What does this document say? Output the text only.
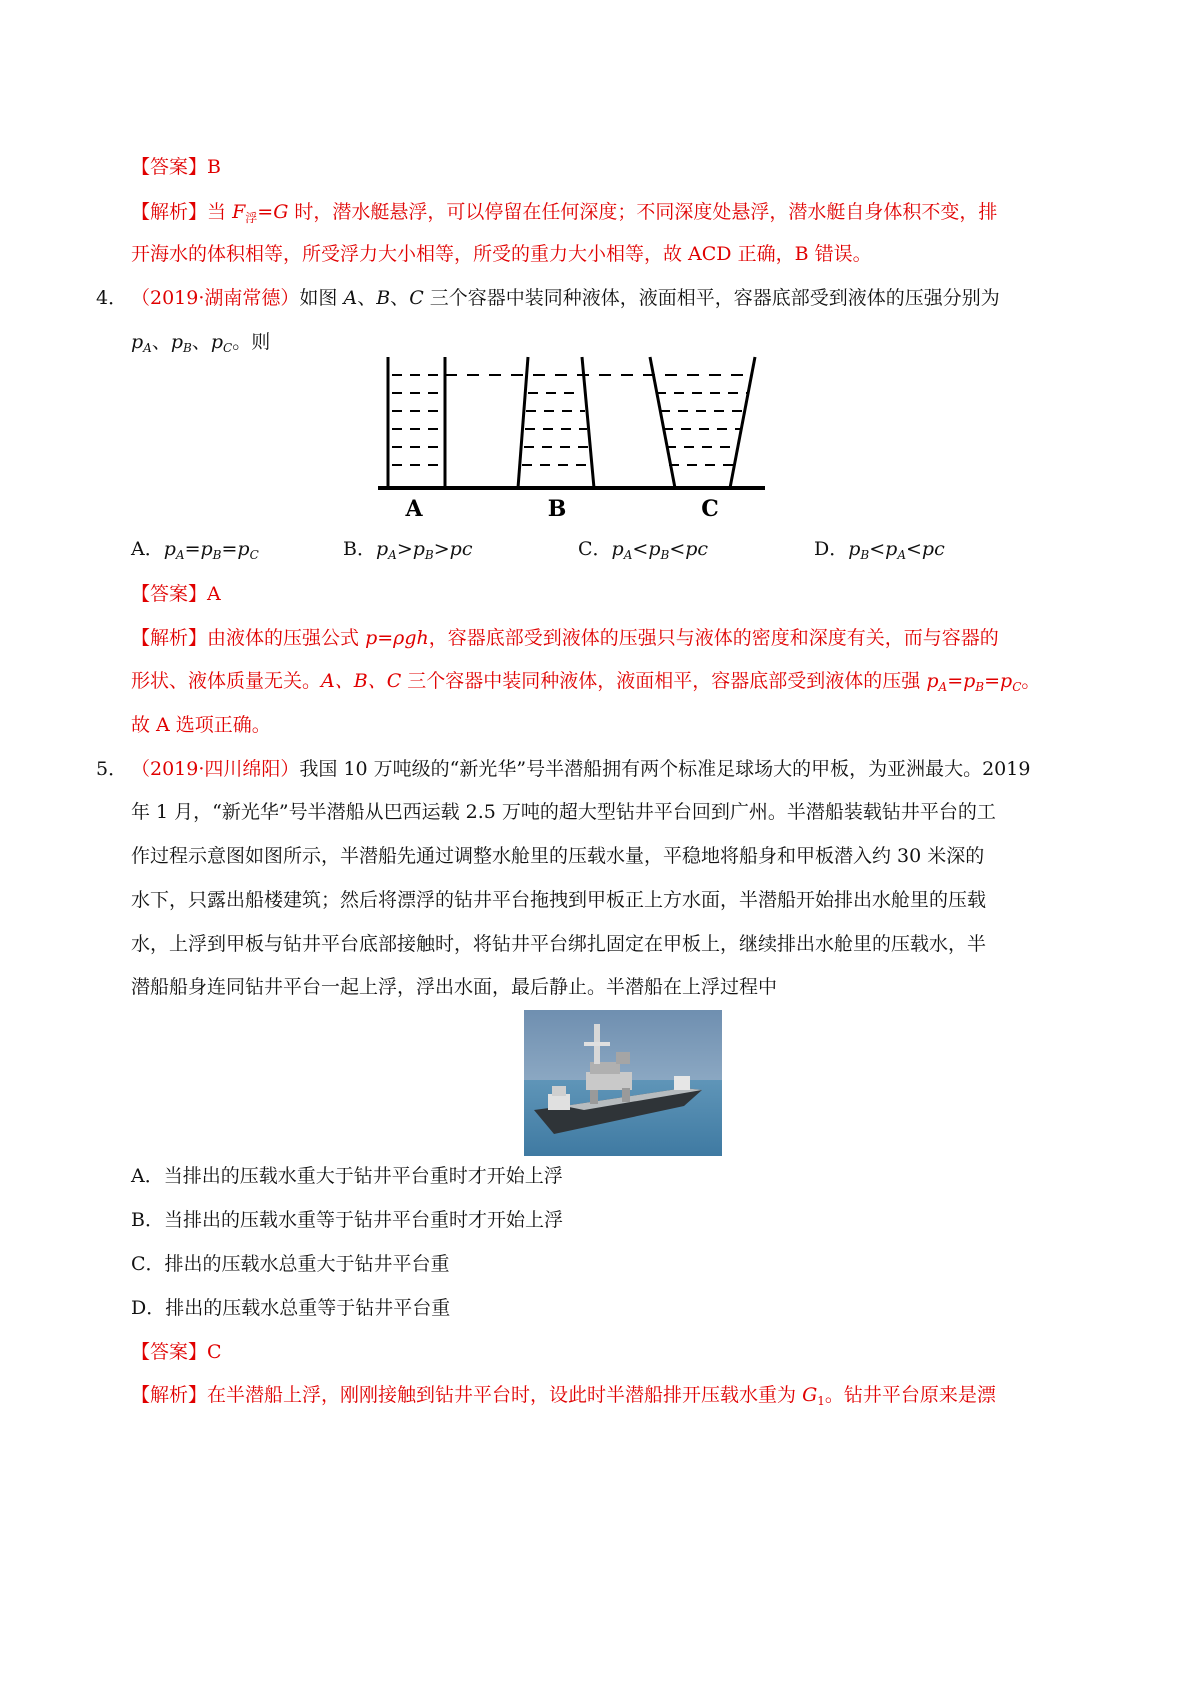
【答案】B
【解析】当 $F_浮=G$ 时，潜水艇悬浮，可以停留在任何深度；不同深度处悬浮，潜水艇自身体积不变，排
开海水的体积相等，所受浮力大小相等，所受的重力大小相等，故 ACD 正确，B 错误。
4． （2019·湖南常德）如图 A、B、C 三个容器中装同种液体，液面相平，容器底部受到液体的压强分别为
$p_A$、$p_B$、$p_C$。则
A	B	C
A．$p_A=p_B=p_C$	B．$p_A>p_B>pc$	C．$p_A<p_B<pc$	D．$p_B<p_A<pc$
【答案】A
【解析】由液体的压强公式 p=ρgh，容器底部受到液体的压强只与液体的密度和深度有关，而与容器的
形状、液体质量无关。A、B、C 三个容器中装同种液体，液面相平，容器底部受到液体的压强 $p_A=p_B=p_C$。
故 A 选项正确。
5． （2019·四川绵阳）我国 10 万吨级的“新光华”号半潜船拥有两个标准足球场大的甲板，为亚洲最大。2019
年 1 月，“新光华”号半潜船从巴西运载 2.5 万吨的超大型钻井平台回到广州。半潜船装载钻井平台的工
作过程示意图如图所示，半潜船先通过调整水舱里的压载水量，平稳地将船身和甲板潜入约 30 米深的
水下，只露出船楼建筑；然后将漂浮的钻井平台拖拽到甲板正上方水面，半潜船开始排出水舱里的压载
水，上浮到甲板与钻井平台底部接触时，将钻井平台绑扎固定在甲板上，继续排出水舱里的压载水，半
潜船船身连同钻井平台一起上浮，浮出水面，最后静止。半潜船在上浮过程中
A．当排出的压载水重大于钻井平台重时才开始上浮
B．当排出的压载水重等于钻井平台重时才开始上浮
C．排出的压载水总重大于钻井平台重
D．排出的压载水总重等于钻井平台重
【答案】C
【解析】在半潜船上浮，刚刚接触到钻井平台时，设此时半潜船排开压载水重为 $G_1$。钻井平台原来是漂
